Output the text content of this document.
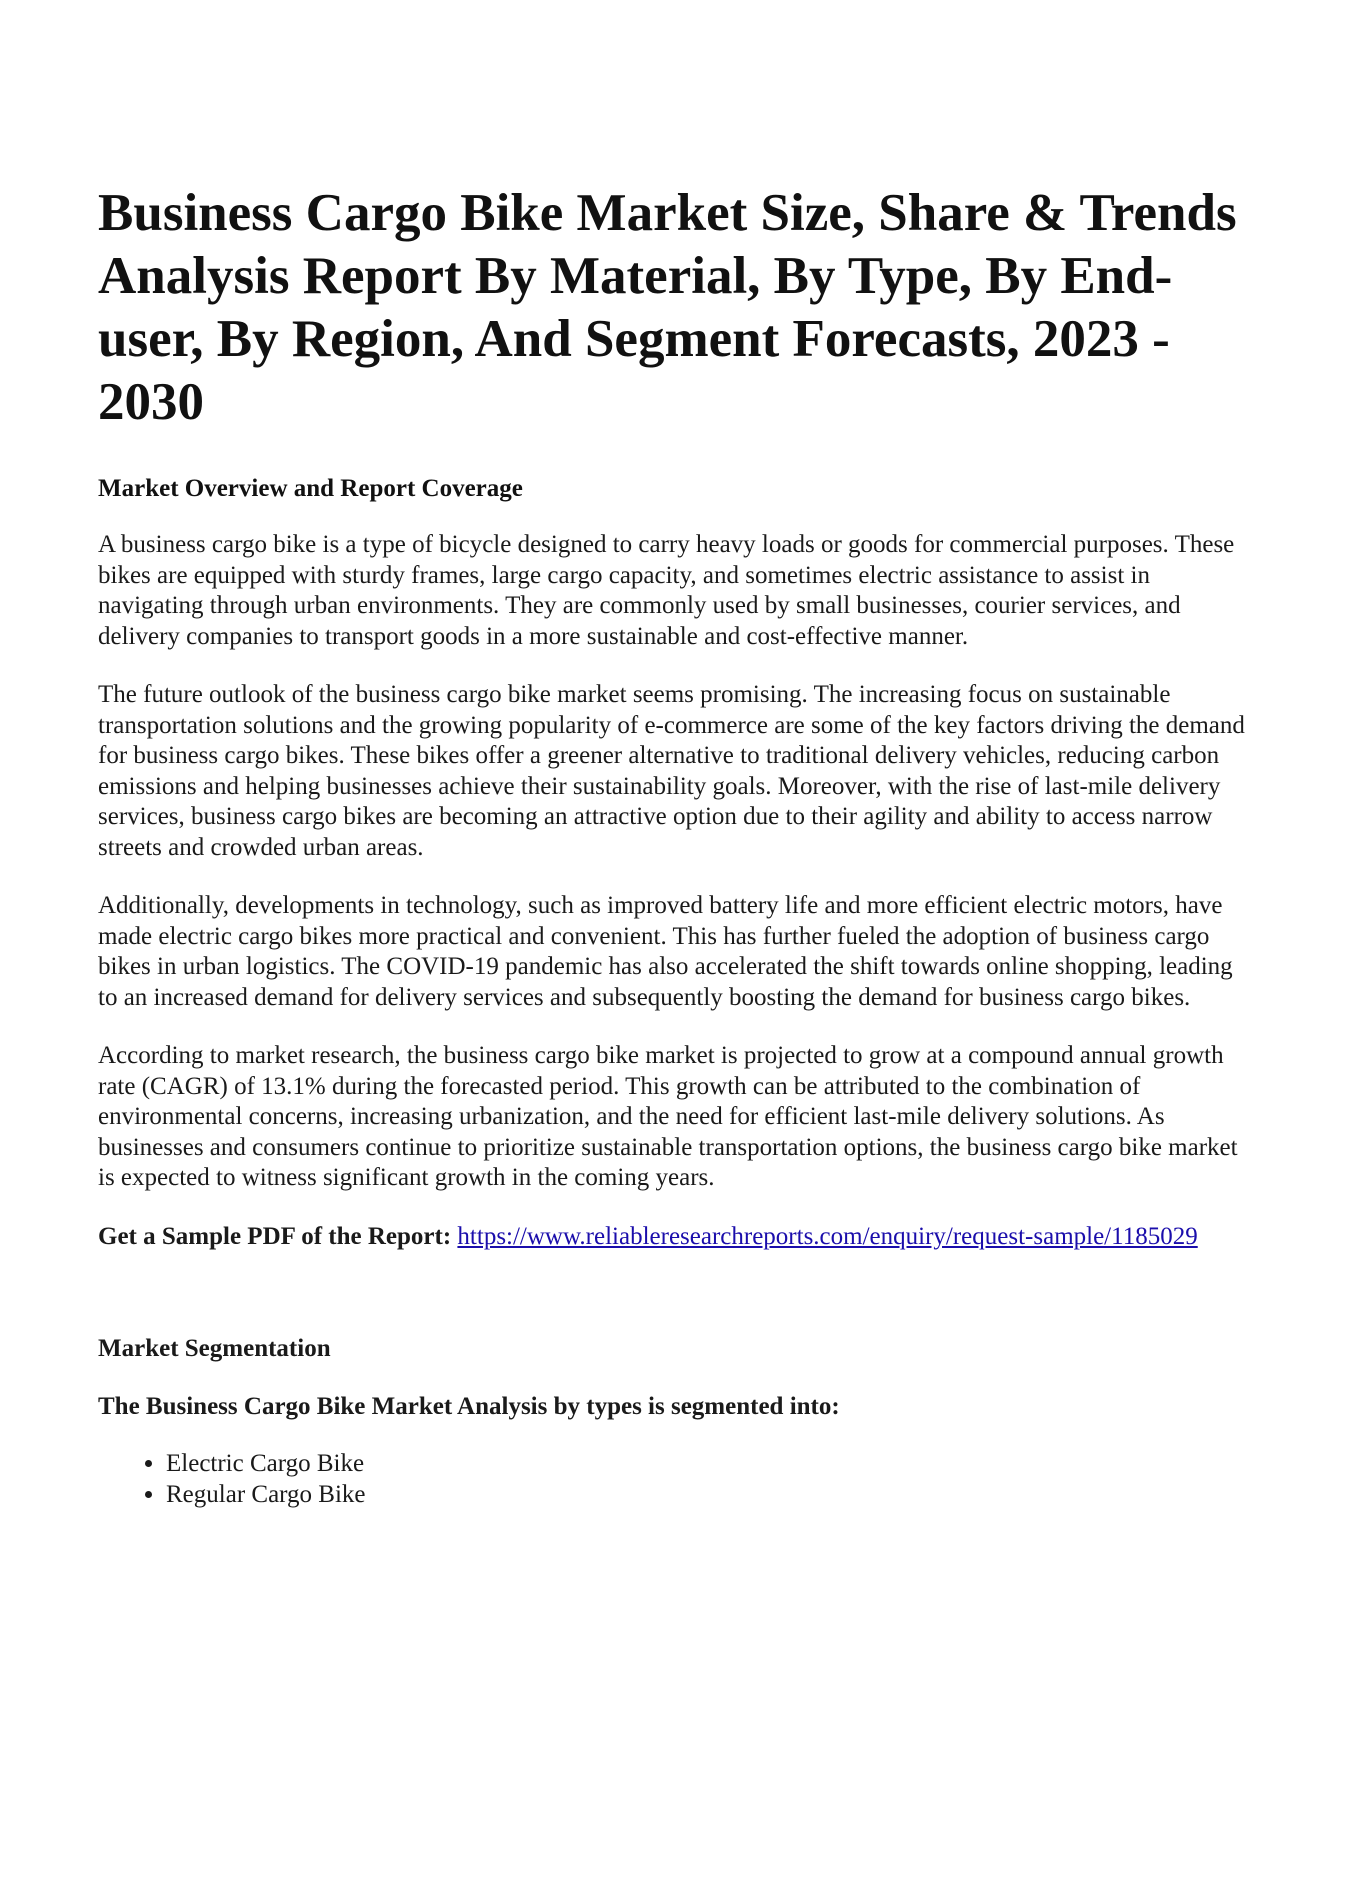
Business Cargo Bike Market Size, Share & Trends Analysis Report By Material, By Type, By End-user, By Region, And Segment Forecasts, 2023 - 2030
Market Overview and Report Coverage

A business cargo bike is a type of bicycle designed to carry heavy loads or goods for commercial purposes. These bikes are equipped with sturdy frames, large cargo capacity, and sometimes electric assistance to assist in navigating through urban environments. They are commonly used by small businesses, courier services, and delivery companies to transport goods in a more sustainable and cost-effective manner.

The future outlook of the business cargo bike market seems promising. The increasing focus on sustainable transportation solutions and the growing popularity of e-commerce are some of the key factors driving the demand for business cargo bikes. These bikes offer a greener alternative to traditional delivery vehicles, reducing carbon emissions and helping businesses achieve their sustainability goals. Moreover, with the rise of last-mile delivery services, business cargo bikes are becoming an attractive option due to their agility and ability to access narrow streets and crowded urban areas.

Additionally, developments in technology, such as improved battery life and more efficient electric motors, have made electric cargo bikes more practical and convenient. This has further fueled the adoption of business cargo bikes in urban logistics. The COVID-19 pandemic has also accelerated the shift towards online shopping, leading to an increased demand for delivery services and subsequently boosting the demand for business cargo bikes.

According to market research, the business cargo bike market is projected to grow at a compound annual growth rate (CAGR) of 13.1% during the forecasted period. This growth can be attributed to the combination of environmental concerns, increasing urbanization, and the need for efficient last-mile delivery solutions. As businesses and consumers continue to prioritize sustainable transportation options, the business cargo bike market is expected to witness significant growth in the coming years.

Get a Sample PDF of the Report: https://www.reliableresearchreports.com/enquiry/request-sample/1185029

Market Segmentation
The Business Cargo Bike Market Analysis by types is segmented into:
• Electric Cargo Bike
• Regular Cargo Bike
